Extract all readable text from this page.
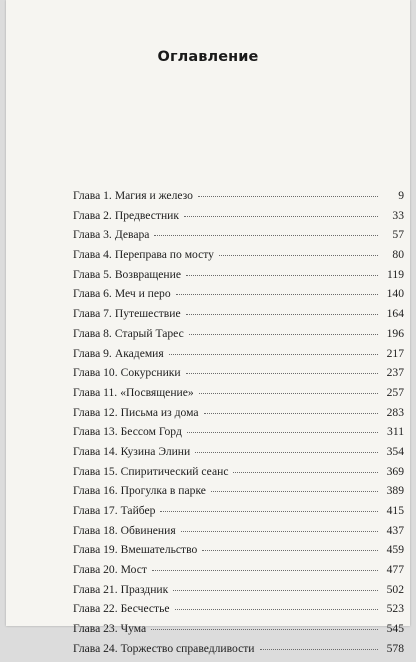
Оглавление
Глава 1. Магия и железо	9
Глава 2. Предвестник	33
Глава 3. Девара	57
Глава 4. Переправа по мосту	80
Глава 5. Возвращение	119
Глава 6. Меч и перо	140
Глава 7. Путешествие	164
Глава 8. Старый Тарес	196
Глава 9. Академия	217
Глава 10. Сокурсники	237
Глава 11. «Посвящение»	257
Глава 12. Письма из дома	283
Глава 13. Бессом Горд	311
Глава 14. Кузина Элини	354
Глава 15. Спиритический сеанс	369
Глава 16. Прогулка в парке	389
Глава 17. Тайбер	415
Глава 18. Обвинения	437
Глава 19. Вмешательство	459
Глава 20. Мост	477
Глава 21. Праздник	502
Глава 22. Бесчестье	523
Глава 23. Чума	545
Глава 24. Торжество справедливости	578
